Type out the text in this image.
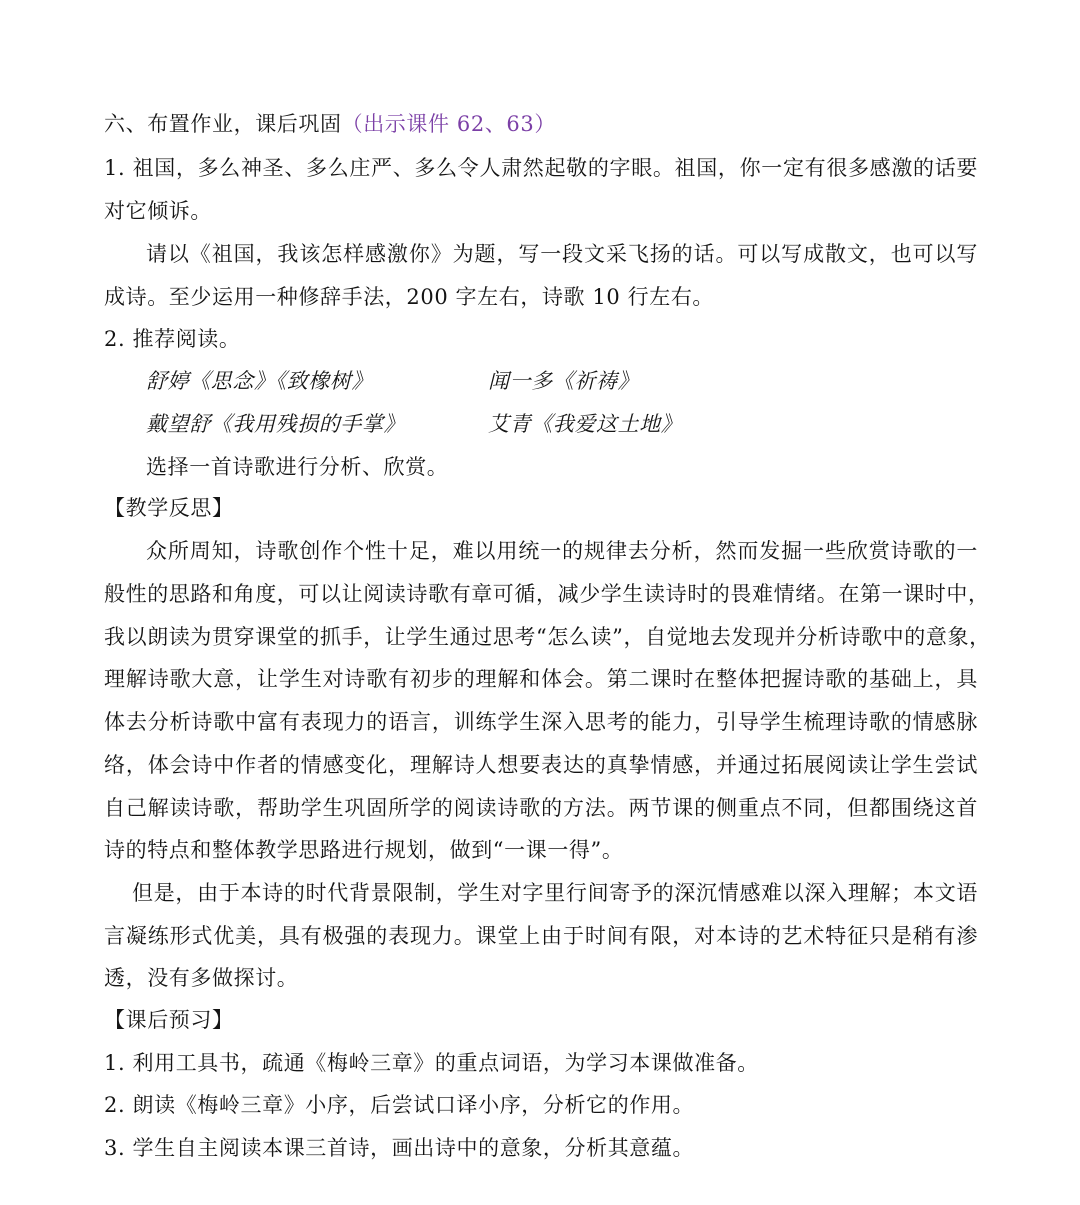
六、布置作业，课后巩固（出示课件 62、63）
1. 祖国，多么神圣、多么庄严、多么令人肃然起敬的字眼。祖国，你一定有很多感激的话要
对它倾诉。
请以《祖国，我该怎样感激你》为题，写一段文采飞扬的话。可以写成散文，也可以写
成诗。至少运用一种修辞手法，200 字左右，诗歌 10 行左右。
2. 推荐阅读。
舒婷《思念》《致橡树》	闻一多《祈祷》
戴望舒《我用残损的手掌》	艾青《我爱这土地》
选择一首诗歌进行分析、欣赏。
【教学反思】
众所周知，诗歌创作个性十足，难以用统一的规律去分析，然而发掘一些欣赏诗歌的一
般性的思路和角度，可以让阅读诗歌有章可循，减少学生读诗时的畏难情绪。在第一课时中，
我以朗读为贯穿课堂的抓手，让学生通过思考“怎么读”，自觉地去发现并分析诗歌中的意象，
理解诗歌大意，让学生对诗歌有初步的理解和体会。第二课时在整体把握诗歌的基础上，具
体去分析诗歌中富有表现力的语言，训练学生深入思考的能力，引导学生梳理诗歌的情感脉
络，体会诗中作者的情感变化，理解诗人想要表达的真挚情感，并通过拓展阅读让学生尝试
自己解读诗歌，帮助学生巩固所学的阅读诗歌的方法。两节课的侧重点不同，但都围绕这首
诗的特点和整体教学思路进行规划，做到“一课一得”。
但是，由于本诗的时代背景限制，学生对字里行间寄予的深沉情感难以深入理解；本文语
言凝练形式优美，具有极强的表现力。课堂上由于时间有限，对本诗的艺术特征只是稍有渗
透，没有多做探讨。
【课后预习】
1. 利用工具书，疏通《梅岭三章》的重点词语，为学习本课做准备。
2. 朗读《梅岭三章》小序，后尝试口译小序，分析它的作用。
3. 学生自主阅读本课三首诗，画出诗中的意象，分析其意蕴。
